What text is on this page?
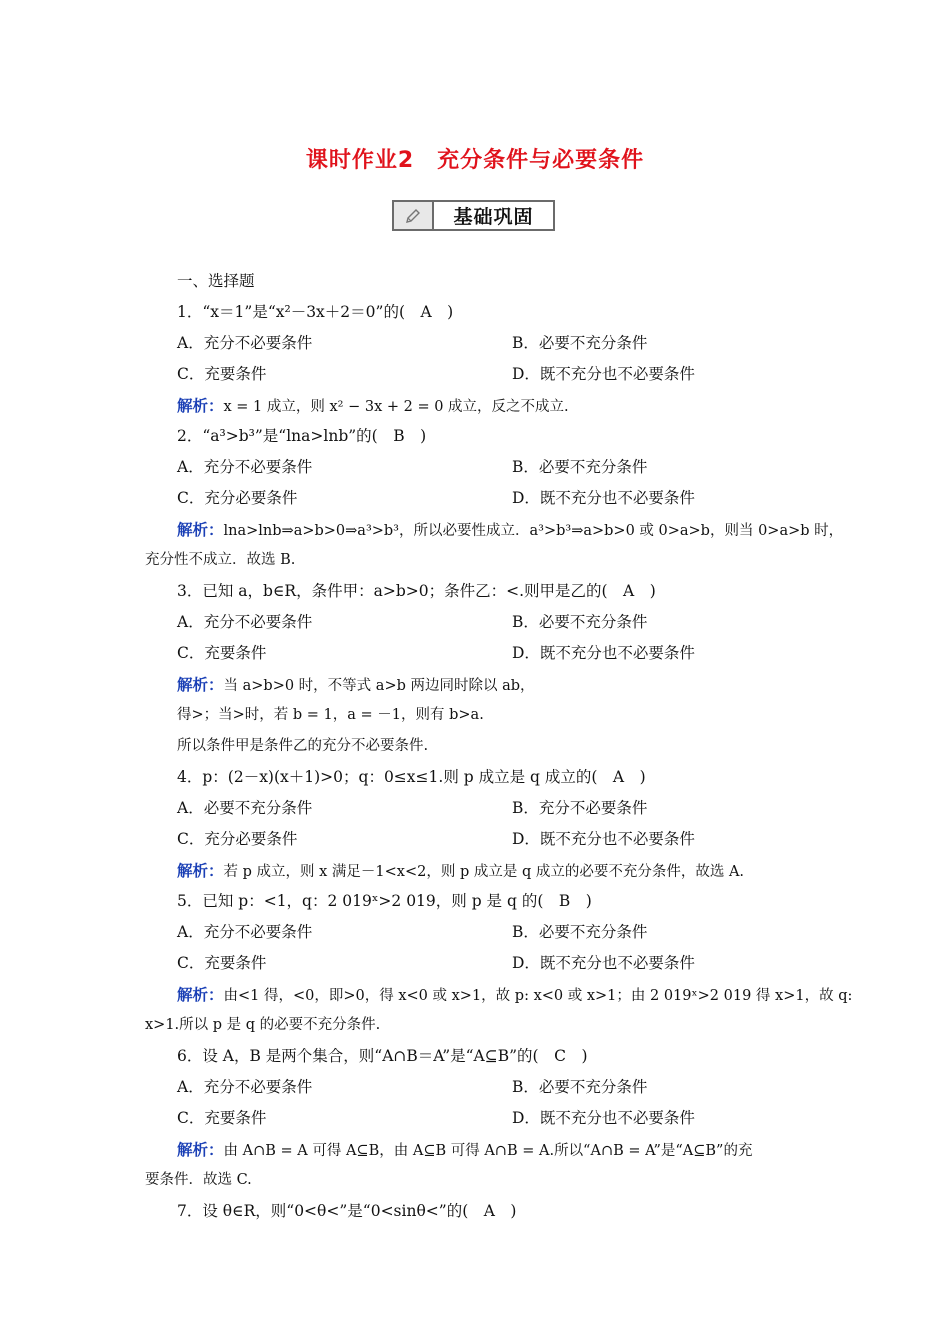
课时作业2　充分条件与必要条件
基础巩固
一、选择题
1．“x＝1”是“x²－3x＋2＝0”的(　A　)
A．充分不必要条件	B．必要不充分条件
C．充要条件	D．既不充分也不必要条件
解析：x = 1 成立，则 x² − 3x + 2 = 0 成立，反之不成立.
2．“a³>b³”是“lna>lnb”的(　B　)
A．充分不必要条件	B．必要不充分条件
C．充分必要条件	D．既不充分也不必要条件
解析：lna>lnb⇒a>b>0⇒a³>b³，所以必要性成立．a³>b³⇒a>b>0 或 0>a>b，则当 0>a>b 时，
充分性不成立．故选 B.
3．已知 a，b∈R，条件甲：a>b>0；条件乙：<.则甲是乙的(　A　)
A．充分不必要条件	B．必要不充分条件
C．充要条件	D．既不充分也不必要条件
解析：当 a>b>0 时，不等式 a>b 两边同时除以 ab，
得>；当>时，若 b = 1，a = －1，则有 b>a.
所以条件甲是条件乙的充分不必要条件.
4．p：(2－x)(x＋1)>0；q：0≤x≤1.则 p 成立是 q 成立的(　A　)
A．必要不充分条件	B．充分不必要条件
C．充分必要条件	D．既不充分也不必要条件
解析：若 p 成立，则 x 满足－1<x<2，则 p 成立是 q 成立的必要不充分条件，故选 A.
5．已知 p：<1，q：2 019ˣ>2 019，则 p 是 q 的(　B　)
A．充分不必要条件	B．必要不充分条件
C．充要条件	D．既不充分也不必要条件
解析：由<1 得，<0，即>0，得 x<0 或 x>1，故 p: x<0 或 x>1；由 2 019ˣ>2 019 得 x>1，故 q:
x>1.所以 p 是 q 的必要不充分条件.
6．设 A，B 是两个集合，则“A∩B＝A”是“A⊆B”的(　C　)
A．充分不必要条件	B．必要不充分条件
C．充要条件	D．既不充分也不必要条件
解析：由 A∩B = A 可得 A⊆B，由 A⊆B 可得 A∩B = A.所以“A∩B = A”是“A⊆B”的充
要条件．故选 C.
7．设 θ∈R，则“0<θ<”是“0<sinθ<”的(　A　)
